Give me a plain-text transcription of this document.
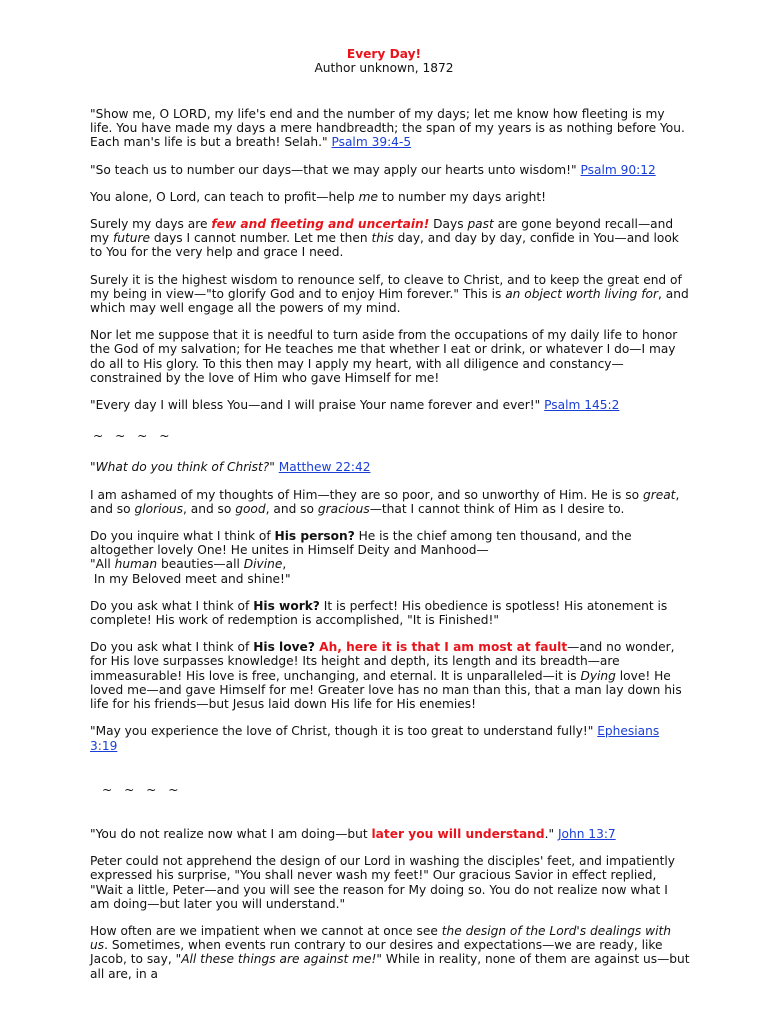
Every Day!
Author unknown, 1872

"Show me, O LORD, my life's end and the number of my days; let me know how fleeting is my life. You have made my days a mere handbreadth; the span of my years is as nothing before You. Each man's life is but a breath! Selah." Psalm 39:4-5

"So teach us to number our days—that we may apply our hearts unto wisdom!" Psalm 90:12

You alone, O Lord, can teach to profit—help me to number my days aright!

Surely my days are few and fleeting and uncertain! Days past are gone beyond recall—and my future days I cannot number. Let me then this day, and day by day, confide in You—and look to You for the very help and grace I need.

Surely it is the highest wisdom to renounce self, to cleave to Christ, and to keep the great end of my being in view—"to glorify God and to enjoy Him forever." This is an object worth living for, and which may well engage all the powers of my mind.

Nor let me suppose that it is needful to turn aside from the occupations of my daily life to honor the God of my salvation; for He teaches me that whether I eat or drink, or whatever I do—I may do all to His glory. To this then may I apply my heart, with all diligence and constancy—constrained by the love of Him who gave Himself for me!

"Every day I will bless You—and I will praise Your name forever and ever!" Psalm 145:2

~ ~ ~ ~

"What do you think of Christ?" Matthew 22:42

I am ashamed of my thoughts of Him—they are so poor, and so unworthy of Him. He is so great, and so glorious, and so good, and so gracious—that I cannot think of Him as I desire to.

Do you inquire what I think of His person? He is the chief among ten thousand, and the altogether lovely One! He unites in Himself Deity and Manhood—
"All human beauties—all Divine,
In my Beloved meet and shine!"

Do you ask what I think of His work? It is perfect! His obedience is spotless! His atonement is complete! His work of redemption is accomplished, "It is Finished!"

Do you ask what I think of His love? Ah, here it is that I am most at fault—and no wonder, for His love surpasses knowledge! Its height and depth, its length and its breadth—are immeasurable! His love is free, unchanging, and eternal. It is unparalleled—it is Dying love! He loved me—and gave Himself for me! Greater love has no man than this, that a man lay down his life for his friends—but Jesus laid down His life for His enemies!

"May you experience the love of Christ, though it is too great to understand fully!" Ephesians 3:19

~ ~ ~ ~

"You do not realize now what I am doing—but later you will understand." John 13:7

Peter could not apprehend the design of our Lord in washing the disciples' feet, and impatiently expressed his surprise, "You shall never wash my feet!" Our gracious Savior in effect replied, "Wait a little, Peter—and you will see the reason for My doing so. You do not realize now what I am doing—but later you will understand."

How often are we impatient when we cannot at once see the design of the Lord's dealings with us. Sometimes, when events run contrary to our desires and expectations—we are ready, like Jacob, to say, "All these things are against me!" While in reality, none of them are against us—but all are, in a
